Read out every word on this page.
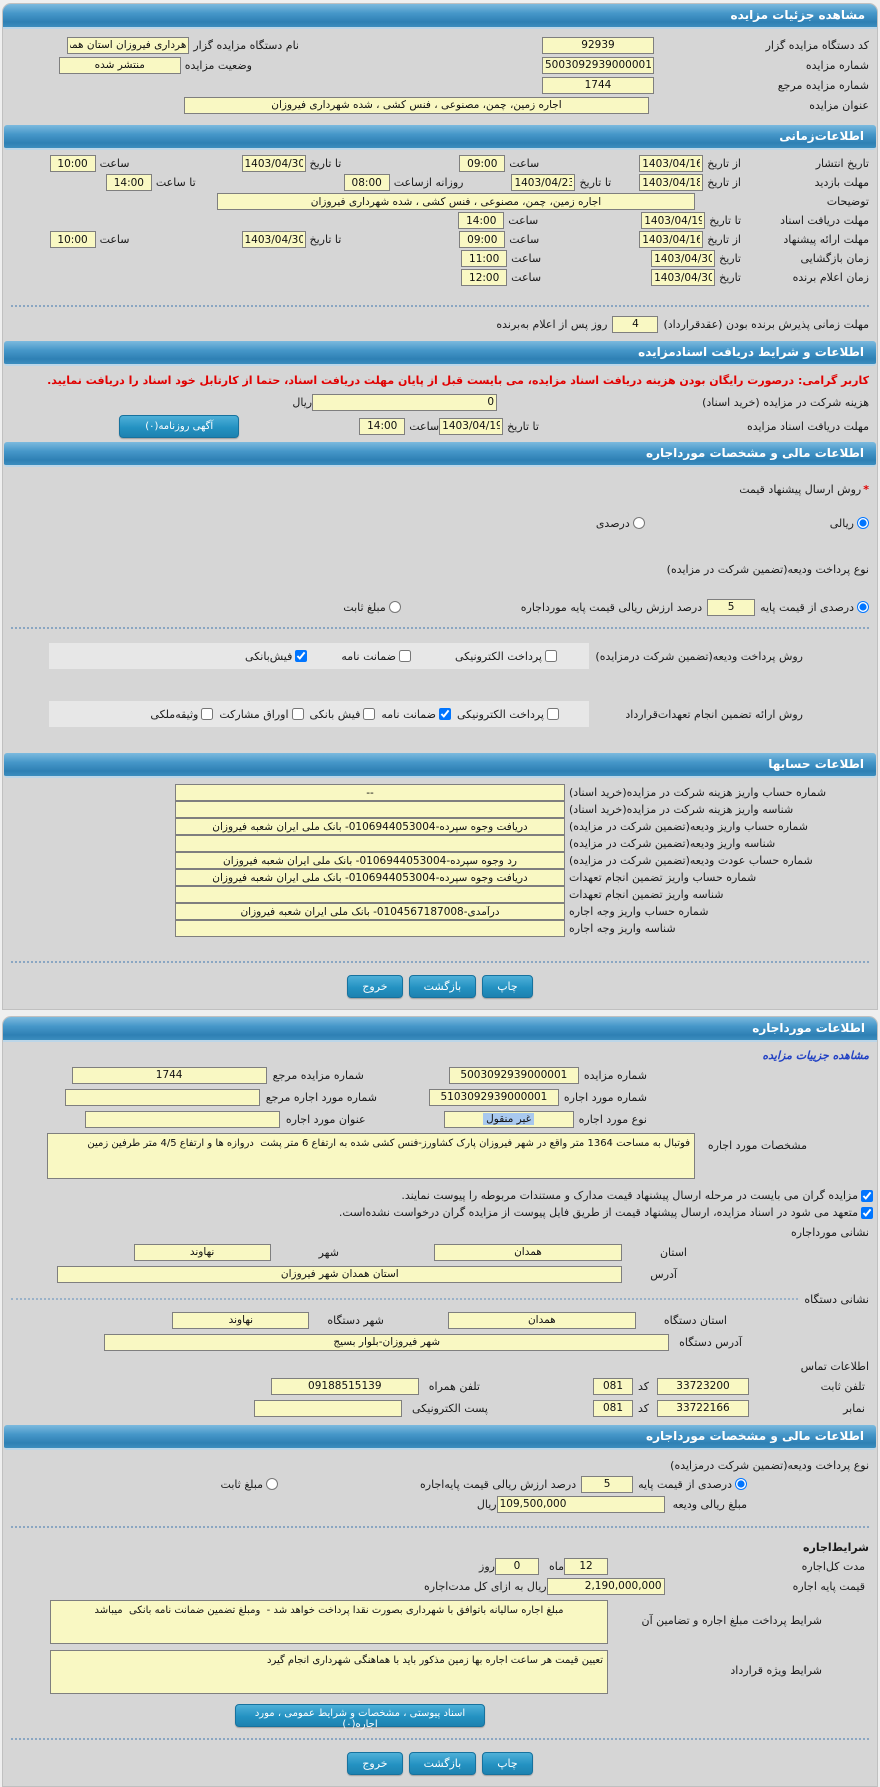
مشاهده جزئیات مزایده
کد دستگاه مزایده گزار
92939
نام دستگاه مزایده گزار
هرداری فیروزان استان همد
شماره مزایده
5003092939000001
وضعیت مزایده
منتشر شده
شماره مزایده مرجع
1744
عنوان مزایده
اجاره زمین، چمن، مصنوعی ، فنس کشی ، شده شهرداری فیروزان
اطلاعات‌زمانی
تاریخ انتشار
از تاریخ
1403/04/16
ساعت
09:00
تا تاریخ
1403/04/30
ساعت
10:00
مهلت بازدید
از تاریخ
1403/04/18
تا تاریخ
1403/04/23
روزانه ازساعت
08:00
تا ساعت
14:00
توضیحات
اجاره زمین، چمن، مصنوعی ، فنس کشی ، شده شهرداری فیروزان
مهلت دریافت اسناد
تا تاریخ
1403/04/19
ساعت
14:00
مهلت ارائه پیشنهاد
از تاریخ
1403/04/16
ساعت
09:00
تا تاریخ
1403/04/30
ساعت
10:00
زمان بازگشایی
تاریخ
1403/04/30
ساعت
11:00
زمان اعلام برنده
تاریخ
1403/04/30
ساعت
12:00
مهلت زمانی پذیرش برنده بودن (عقدقرارداد)
4
روز پس از اعلام به‌برنده
اطلاعات و شرایط دریافت اسنادمزایده
کاربر گرامی: درصورت رایگان بودن هزینه دریافت اسناد مزایده، می بایست قبل از پایان مهلت دریافت اسناد، حتما از کارتابل خود اسناد را دریافت نمایید.
هزینه شرکت در مزایده (خرید اسناد)
0
ریال
مهلت دریافت اسناد مزایده
تا تاریخ
1403/04/19
ساعت
14:00
آگهی روزنامه(۰)
اطلاعات مالی و مشخصات مورداجاره
*
روش ارسال پیشنهاد قیمت
ریالی
درصدی
نوع پرداخت ودیعه(تضمین شرکت در مزایده)
درصدی از قیمت پایه
5
درصد ارزش ریالی قیمت پایه مورداجاره
مبلغ ثابت
روش پرداخت ودیعه(تضمین شرکت درمزایده)
پرداخت الکترونیکی
ضمانت نامه
فیش‌بانکی
روش ارائه تضمین انجام تعهدات‌قرارداد
پرداخت الکترونیکی
ضمانت نامه
فیش بانکی
اوراق مشارکت
وثیقه‌ملکی
اطلاعات حسابها
شماره حساب واریز هزینه شرکت در مزایده(خرید اسناد)
--
شناسه واریز هزینه شرکت در مزایده(خرید اسناد)
شماره حساب واریز ودیعه(تضمین شرکت در مزایده)
دریافت وجوه سپرده-0106944053004- بانک ملی ایران شعبه فیروزان
شناسه واریز ودیعه(تضمین شرکت در مزایده)
شماره حساب عودت ودیعه(تضمین شرکت در مزایده)
رد وجوه سپرده-0106944053004- بانک ملی ایران شعبه فیروزان
شماره حساب واریز تضمین انجام تعهدات
دریافت وجوه سپرده-0106944053004- بانک ملی ایران شعبه فیروزان
شناسه واریز تضمین انجام تعهدات
شماره حساب واریز وجه اجاره
درآمدی-0104567187008- بانک ملی ایران شعبه فیروزان
شناسه واریز وجه اجاره
چاپ
بازگشت
خروج
اطلاعات مورداجاره
مشاهده جزییات مزایده
شماره مزایده
5003092939000001
شماره مزایده مرجع
1744
شماره مورد اجاره
5103092939000001
شماره مورد اجاره مرجع
نوع مورد اجاره
غیر منقول
عنوان مورد اجاره
مشخصات مورد اجاره
فوتبال به مساحت 1364 متر واقع در شهر فیروزان پارک کشاورز-فنس کشی شده به ارتفاع 6 متر پشت دروازه ها و ارتفاع 4/5 متر طرفین زمین
مزایده گران می بایست در مرحله ارسال پیشنهاد قیمت مدارک و مستندات مربوطه را پیوست نمایند.
متعهد می شود در اسناد مزایده، ارسال پیشنهاد قیمت از طریق فایل پیوست از مزایده گران درخواست نشده‌است.
نشانی مورداجاره
استان
همدان
شهر
نهاوند
آدرس
استان همدان شهر فیروزان
نشانی دستگاه
استان دستگاه
همدان
شهر دستگاه
نهاوند
آدرس دستگاه
شهر فیروزان-بلوار بسیج
اطلاعات تماس
تلفن ثابت
33723200
کد
081
تلفن همراه
09188515139
نمابر
33722166
کد
081
پست الکترونیکی
اطلاعات مالی و مشخصات مورداجاره
نوع پرداخت ودیعه(تضمین شرکت درمزایده)
درصدی از قیمت پایه
5
درصد ارزش ریالی قیمت پایه‌اجاره
مبلغ ثابت
مبلغ ریالی ودیعه
109,500,000
ریال
شرایط‌اجاره
مدت کل‌اجاره
12
ماه
0
روز
قیمت پایه اجاره
2,190,000,000
ریال به ازای کل مدت‌اجاره
شرایط پرداخت مبلغ اجاره و تضامین آن
مبلغ اجاره سالیانه باتوافق با شهرداری بصورت نقدا پرداخت خواهد شد - ومبلغ تضمین ضمانت نامه بانکی میباشد
شرایط ویژه قرارداد
تعیین قیمت هر ساعت اجاره بها زمین مذکور باید با هماهنگی شهرداری انجام گیرد
اسناد پیوستی ، مشخصات و شرایط عمومی ، مورد اجاره(۰)
چاپ
بازگشت
خروج
